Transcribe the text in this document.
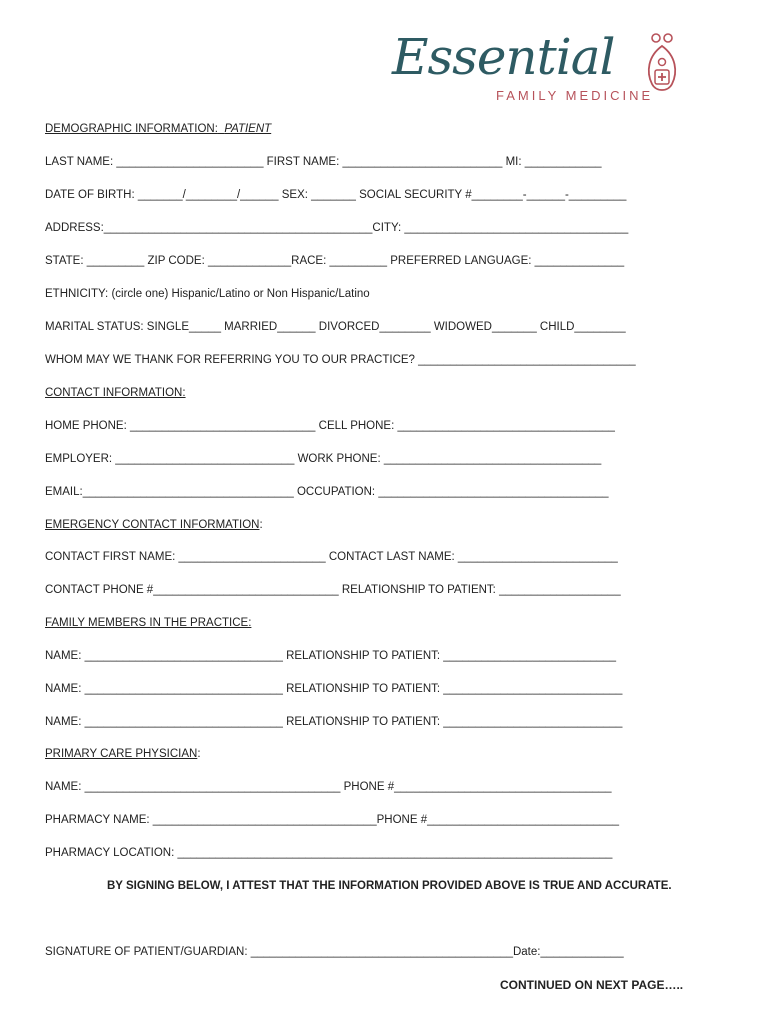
Essential
FAMILY MEDICINE
DEMOGRAPHIC INFORMATION: PATIENT
LAST NAME: _______________________ FIRST NAME: _________________________ MI: ____________
DATE OF BIRTH: _______/________/______ SEX: _______ SOCIAL SECURITY #________-______-_________
ADDRESS:__________________________________________CITY: ___________________________________
STATE: _________ ZIP CODE: _____________RACE: _________ PREFERRED LANGUAGE: ______________
ETHNICITY: (circle one) Hispanic/Latino or Non Hispanic/Latino
MARITAL STATUS: SINGLE_____ MARRIED______ DIVORCED________ WIDOWED_______ CHILD________
WHOM MAY WE THANK FOR REFERRING YOU TO OUR PRACTICE? __________________________________
CONTACT INFORMATION:
HOME PHONE: _____________________________ CELL PHONE: __________________________________
EMPLOYER: ____________________________ WORK PHONE: __________________________________
EMAIL:_________________________________ OCCUPATION: ____________________________________
EMERGENCY CONTACT INFORMATION:
CONTACT FIRST NAME: _______________________ CONTACT LAST NAME: _________________________
CONTACT PHONE #_____________________________ RELATIONSHIP TO PATIENT: ___________________
FAMILY MEMBERS IN THE PRACTICE:
NAME: _______________________________ RELATIONSHIP TO PATIENT: ___________________________
NAME: _______________________________ RELATIONSHIP TO PATIENT: ____________________________
NAME: _______________________________ RELATIONSHIP TO PATIENT: ____________________________
PRIMARY CARE PHYSICIAN:
NAME: ________________________________________ PHONE #__________________________________
PHARMACY NAME: ___________________________________PHONE #______________________________
PHARMACY LOCATION: ____________________________________________________________________
BY SIGNING BELOW, I ATTEST THAT THE INFORMATION PROVIDED ABOVE IS TRUE AND ACCURATE.
SIGNATURE OF PATIENT/GUARDIAN: _________________________________________Date:_____________
CONTINUED ON NEXT PAGE…..
